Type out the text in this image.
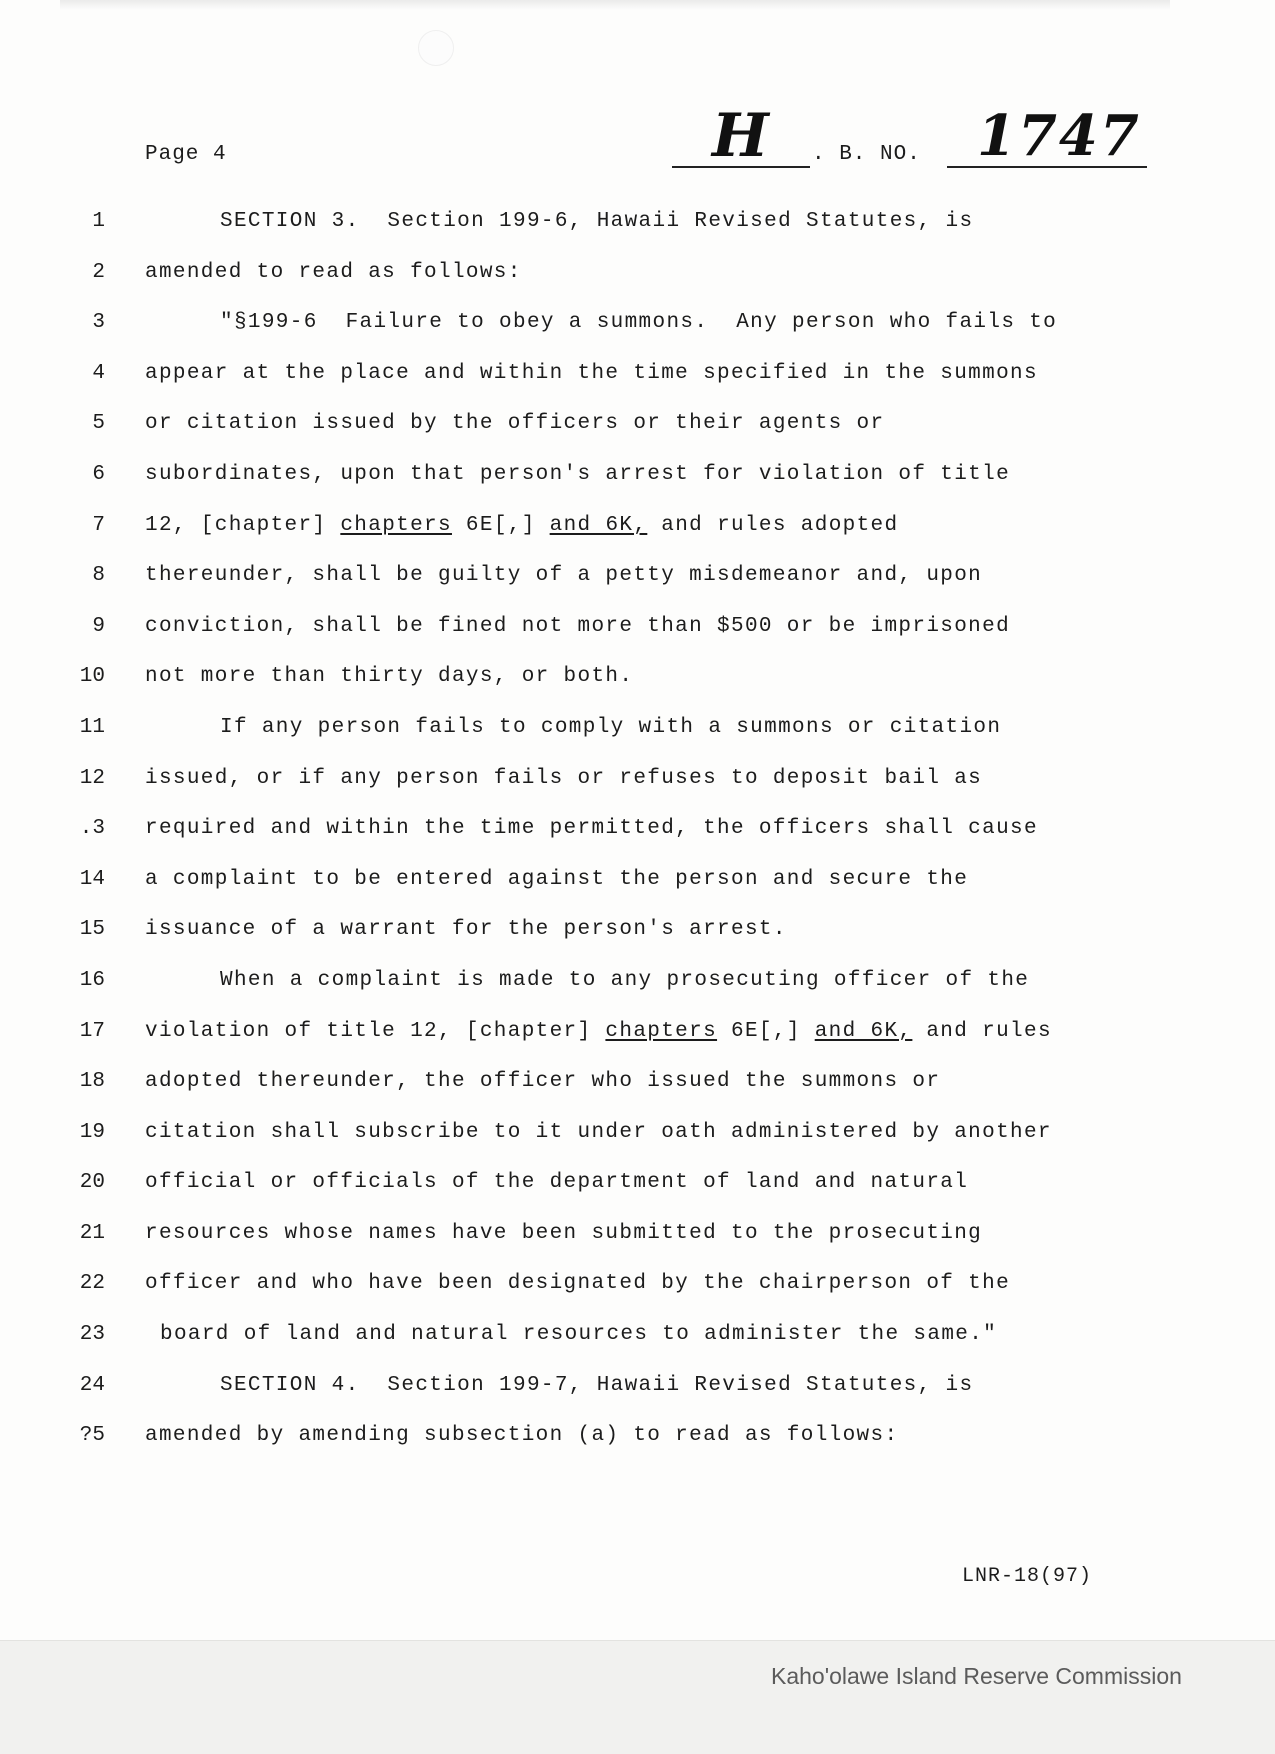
Page 4	H . B. NO. 1747
1	SECTION 3.  Section 199-6, Hawaii Revised Statutes, is
2 amended to read as follows:
3	"§199-6  Failure to obey a summons.  Any person who fails to
4 appear at the place and within the time specified in the summons
5 or citation issued by the officers or their agents or
6 subordinates, upon that person's arrest for violation of title
7 12, [chapter] chapters 6E[,] and 6K, and rules adopted
8 thereunder, shall be guilty of a petty misdemeanor and, upon
9 conviction, shall be fined not more than $500 or be imprisoned
10 not more than thirty days, or both.
11	If any person fails to comply with a summons or citation
12 issued, or if any person fails or refuses to deposit bail as
.3 required and within the time permitted, the officers shall cause
14 a complaint to be entered against the person and secure the
15 issuance of a warrant for the person's arrest.
16	When a complaint is made to any prosecuting officer of the
17 violation of title 12, [chapter] chapters 6E[,] and 6K, and rules
18 adopted thereunder, the officer who issued the summons or
19 citation shall subscribe to it under oath administered by another
20 official or officials of the department of land and natural
21 resources whose names have been submitted to the prosecuting
22 officer and who have been designated by the chairperson of the
23	board of land and natural resources to administer the same."
24	SECTION 4.  Section 199-7, Hawaii Revised Statutes, is
?5 amended by amending subsection (a) to read as follows:
LNR-18(97)
Kaho'olawe Island Reserve Commission
